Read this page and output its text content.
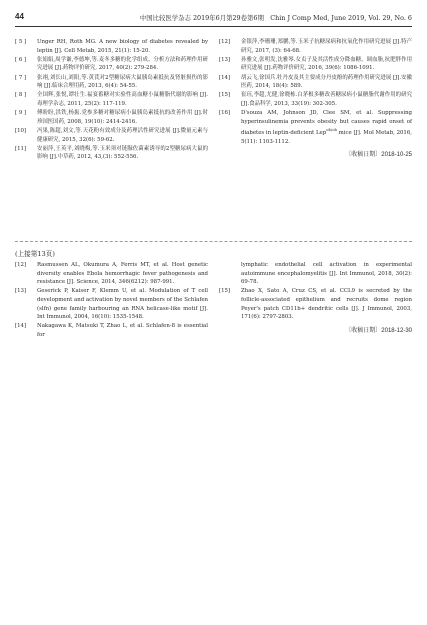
44	中国比较医学杂志 2019年6月第29卷第6期　Chin J Comp Med, June 2019, Vol. 29, No. 6
[ 5 ] Unger RH, Roth MG. A new biology of diabetes revealed by leptin [J]. Cell Metab, 2015, 21(1): 15-20.
[ 6 ] 张娟娟,周学谦,李德坤,等.麦冬多糖的化学组成、分析方法和药理作用研究进展 [J].药物评价研究, 2017, 40(2): 279-284.
[ 7 ] 张翊,刘长山,刘阳,等.黄芪对2型糖尿病大鼠胰岛素抵抗及肾脏损伤的影响 [J].临床合理用药, 2013, 6(4): 54-55.
[ 8 ] 全国辉,张悦,谭壮生.福宴蓄糖对实验性高血糖小鼠糖脂代谢的影响 [J].毒理学杂志, 2011, 25(2): 117-119.
[ 9 ] 傅盼盼,洪铁,杨振.党参多糖对糖尿病小鼠胰岛素抵抗的改善作用 [J].时珍国医国药, 2008, 19(10): 2414-2416.
[10] 冯果,陈超,刘文,等.天花粉有效成分及药理活性研究进展 [J].微量元素与健康研究, 2015, 32(6): 59-62.
[11] 安丽萍,王英平,刘晓梅,等.玉米须对链脲佐菌素诱导的2型糖尿病大鼠的影响 [J].中草药, 2012, 43,(3): 552-556.
[12] 金银萍,李珊珊,郑鹏,等.玉米子抗糖尿病和抗氧化作用研究进展 [J].特产研究, 2017, (3): 64-68.
[13] 孙雅文,张明发,沈雅琴.女贞子及其活性成分降血糖、调血脂,抗肥胖作用研究进展 [J].药物评价研究, 2016, 39(6): 1086-1091.
[14] 胡云飞,徐国兵.牡丹皮及其主要成分丹皮酚的药理作用研究进展 [J].安徽医药, 2014, 18(4): 589.
[15] 崔珏,李超,尤健,徐晓栋.白茅根多糖改善糖尿病小鼠糖脂代谢作用的研究 [J].食品科学, 2013, 33(19): 302-305.
[16] D'souza AM, Johnson JD, Clee SM, et al. Suppressing hyperinsulinemia prevents obesity but causes rapid onset of diabetes in leptin-deficient Lep$^{ob/ob}$ mice [J]. Mol Metab, 2016, 5(11): 1103-1112.
〔收稿日期〕2018-10-25
(上接第13页)
[12] Rasmussen AL, Okumura A, Ferris MT, et al. Host genetic diversity enables Ebola hemorrhagic fever pathogenesis and resistance [J]. Science, 2014, 346(6212): 987-991.
[13] Geserick P, Kaiser F, Klemm U, et al. Modulation of T cell development and activation by novel members of the Schlafen (slfn) gene family harbouring an RNA helicase-like motif [J]. Int Immunol, 2004, 16(10): 1535-1548.
[14] Nakagawa K, Matsuki T, Zhao L, et al. Schlafen-8 is essential for
lymphatic endothelial cell activation in experimental autoimmune encephalomyelitis [J]. Int Immunol, 2018, 30(2): 69-78.
[15] Zhao X, Sato A, Cruz CS, et al. CCL9 is secreted by the follicle-associated epithelium and recruits dome region Peyer's patch CD11b+ dendritic cells [J]. J Immunol, 2003, 171(6): 2797-2803.
〔收稿日期〕2018-12-30
